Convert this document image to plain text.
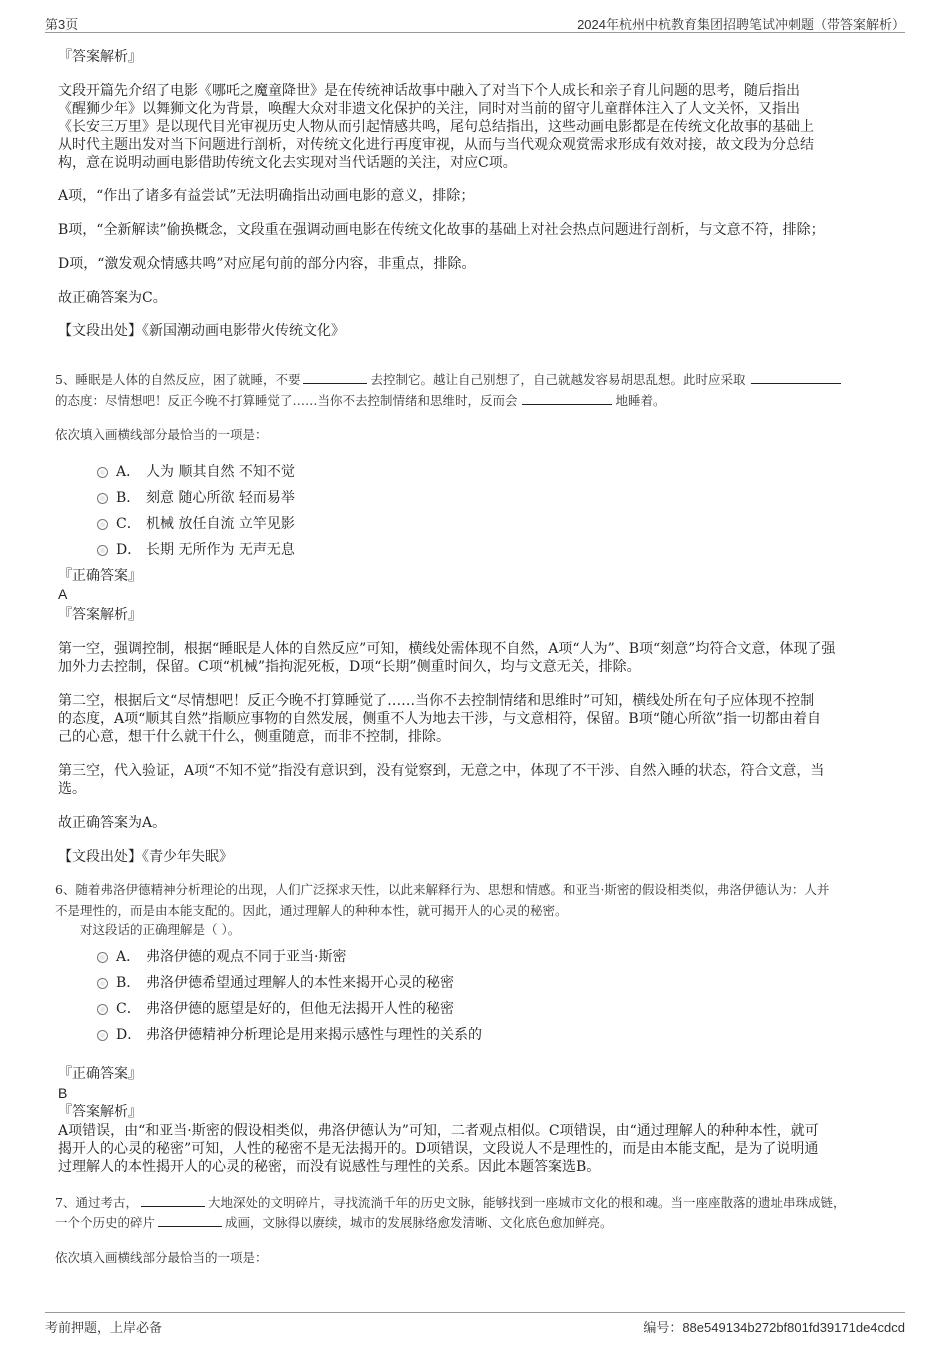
第3页	2024年杭州中杭教育集团招聘笔试冲刺题（带答案解析）
『答案解析』
文段开篇先介绍了电影《哪吒之魔童降世》是在传统神话故事中融入了对当下个人成长和亲子育儿问题的思考，随后指出
《醒狮少年》以舞狮文化为背景，唤醒大众对非遗文化保护的关注，同时对当前的留守儿童群体注入了人文关怀，又指出
《长安三万里》是以现代目光审视历史人物从而引起情感共鸣，尾句总结指出，这些动画电影都是在传统文化故事的基础上
从时代主题出发对当下问题进行剖析，对传统文化进行再度审视，从而与当代观众观赏需求形成有效对接，故文段为分总结
构，意在说明动画电影借助传统文化去实现对当代话题的关注，对应C项。
A项，“作出了诸多有益尝试”无法明确指出动画电影的意义，排除；
B项，“全新解读”偷换概念，文段重在强调动画电影在传统文化故事的基础上对社会热点问题进行剖析，与文意不符，排除；
D项，“激发观众情感共鸣”对应尾句前的部分内容，非重点，排除。
故正确答案为C。
【文段出处】《新国潮动画电影带火传统文化》
5、睡眠是人体的自然反应，困了就睡，不要	去控制它。越让自己别想了，自己就越发容易胡思乱想。此时应采取
的态度：尽情想吧！反正今晚不打算睡觉了……当你不去控制情绪和思维时，反而会	地睡着。
依次填入画横线部分最恰当的一项是：
A． 人为 顺其自然 不知不觉
B． 刻意 随心所欲 轻而易举
C． 机械 放任自流 立竿见影
D． 长期 无所作为 无声无息
『正确答案』
A
『答案解析』
第一空，强调控制，根据“睡眠是人体的自然反应”可知，横线处需体现不自然，A项“人为”、B项“刻意”均符合文意，体现了强
加外力去控制，保留。C项“机械”指拘泥死板，D项“长期”侧重时间久，均与文意无关，排除。
第二空，根据后文“尽情想吧！反正今晚不打算睡觉了……当你不去控制情绪和思维时”可知，横线处所在句子应体现不控制
的态度，A项“顺其自然”指顺应事物的自然发展，侧重不人为地去干涉，与文意相符，保留。B项“随心所欲”指一切都由着自
己的心意，想干什么就干什么，侧重随意，而非不控制，排除。
第三空，代入验证，A项“不知不觉”指没有意识到，没有觉察到，无意之中，体现了不干涉、自然入睡的状态，符合文意，当
选。
故正确答案为A。
【文段出处】《青少年失眠》
6、随着弗洛伊德精神分析理论的出现，人们广泛探求天性，以此来解释行为、思想和情感。和亚当·斯密的假设相类似，弗洛伊德认为：人并
不是理性的，而是由本能支配的。因此，通过理解人的种种本性，就可揭开人的心灵的秘密。
对这段话的正确理解是（ ）。
A． 弗洛伊德的观点不同于亚当·斯密
B． 弗洛伊德希望通过理解人的本性来揭开心灵的秘密
C． 弗洛伊德的愿望是好的，但他无法揭开人性的秘密
D． 弗洛伊德精神分析理论是用来揭示感性与理性的关系的
『正确答案』
B
『答案解析』
A项错误，由“和亚当·斯密的假设相类似，弗洛伊德认为”可知，二者观点相似。C项错误，由“通过理解人的种种本性，就可
揭开人的心灵的秘密”可知，人性的秘密不是无法揭开的。D项错误，文段说人不是理性的，而是由本能支配，是为了说明通
过理解人的本性揭开人的心灵的秘密，而没有说感性与理性的关系。因此本题答案选B。
7、通过考古，	大地深处的文明碎片，寻找流淌千年的历史文脉，能够找到一座城市文化的根和魂。当一座座散落的遗址串珠成链，
一个个历史的碎片	成画，文脉得以赓续，城市的发展脉络愈发清晰、文化底色愈加鲜亮。
依次填入画横线部分最恰当的一项是：
考前押题，上岸必备	编号：88e549134b272bf801fd39171de4cdcd
